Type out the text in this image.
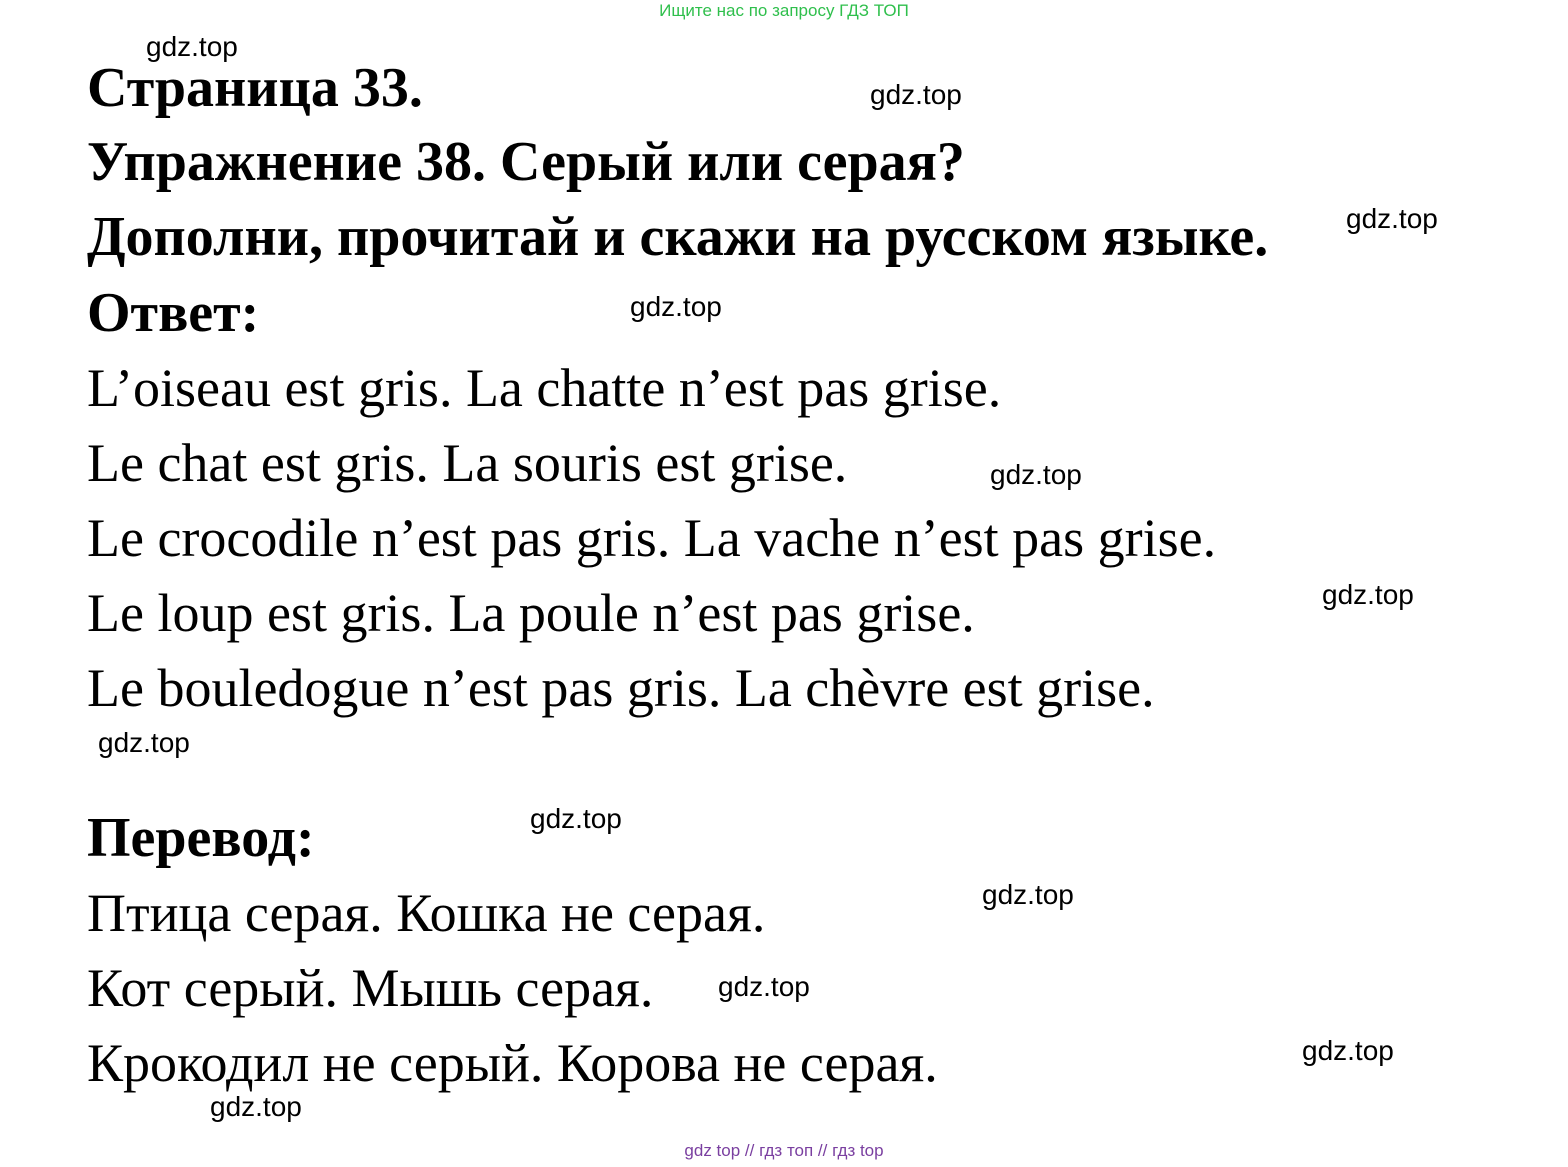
Ищите нас по запросу ГДЗ ТОП
Страница 33.
Упражнение 38. Серый или серая?
Дополни, прочитай и скажи на русском языке.
Ответ:

L’oiseau est gris. La chatte n’est pas grise.

Le chat est gris. La souris est grise.

Le crocodile n’est pas gris. La vache n’est pas grise.

Le loup est gris. La poule n’est pas grise.

Le bouledogue n’est pas gris. La chèvre est grise.

Перевод:

Птица серая. Кошка не серая.

Кот серый. Мышь серая.

Крокодил не серый. Корова не серая.

gdz.top
gdz.top
gdz.top
gdz.top
gdz.top
gdz.top
gdz.top
gdz.top
gdz.top
gdz.top
gdz.top
gdz.top
gdz top // гдз топ // гдз top
